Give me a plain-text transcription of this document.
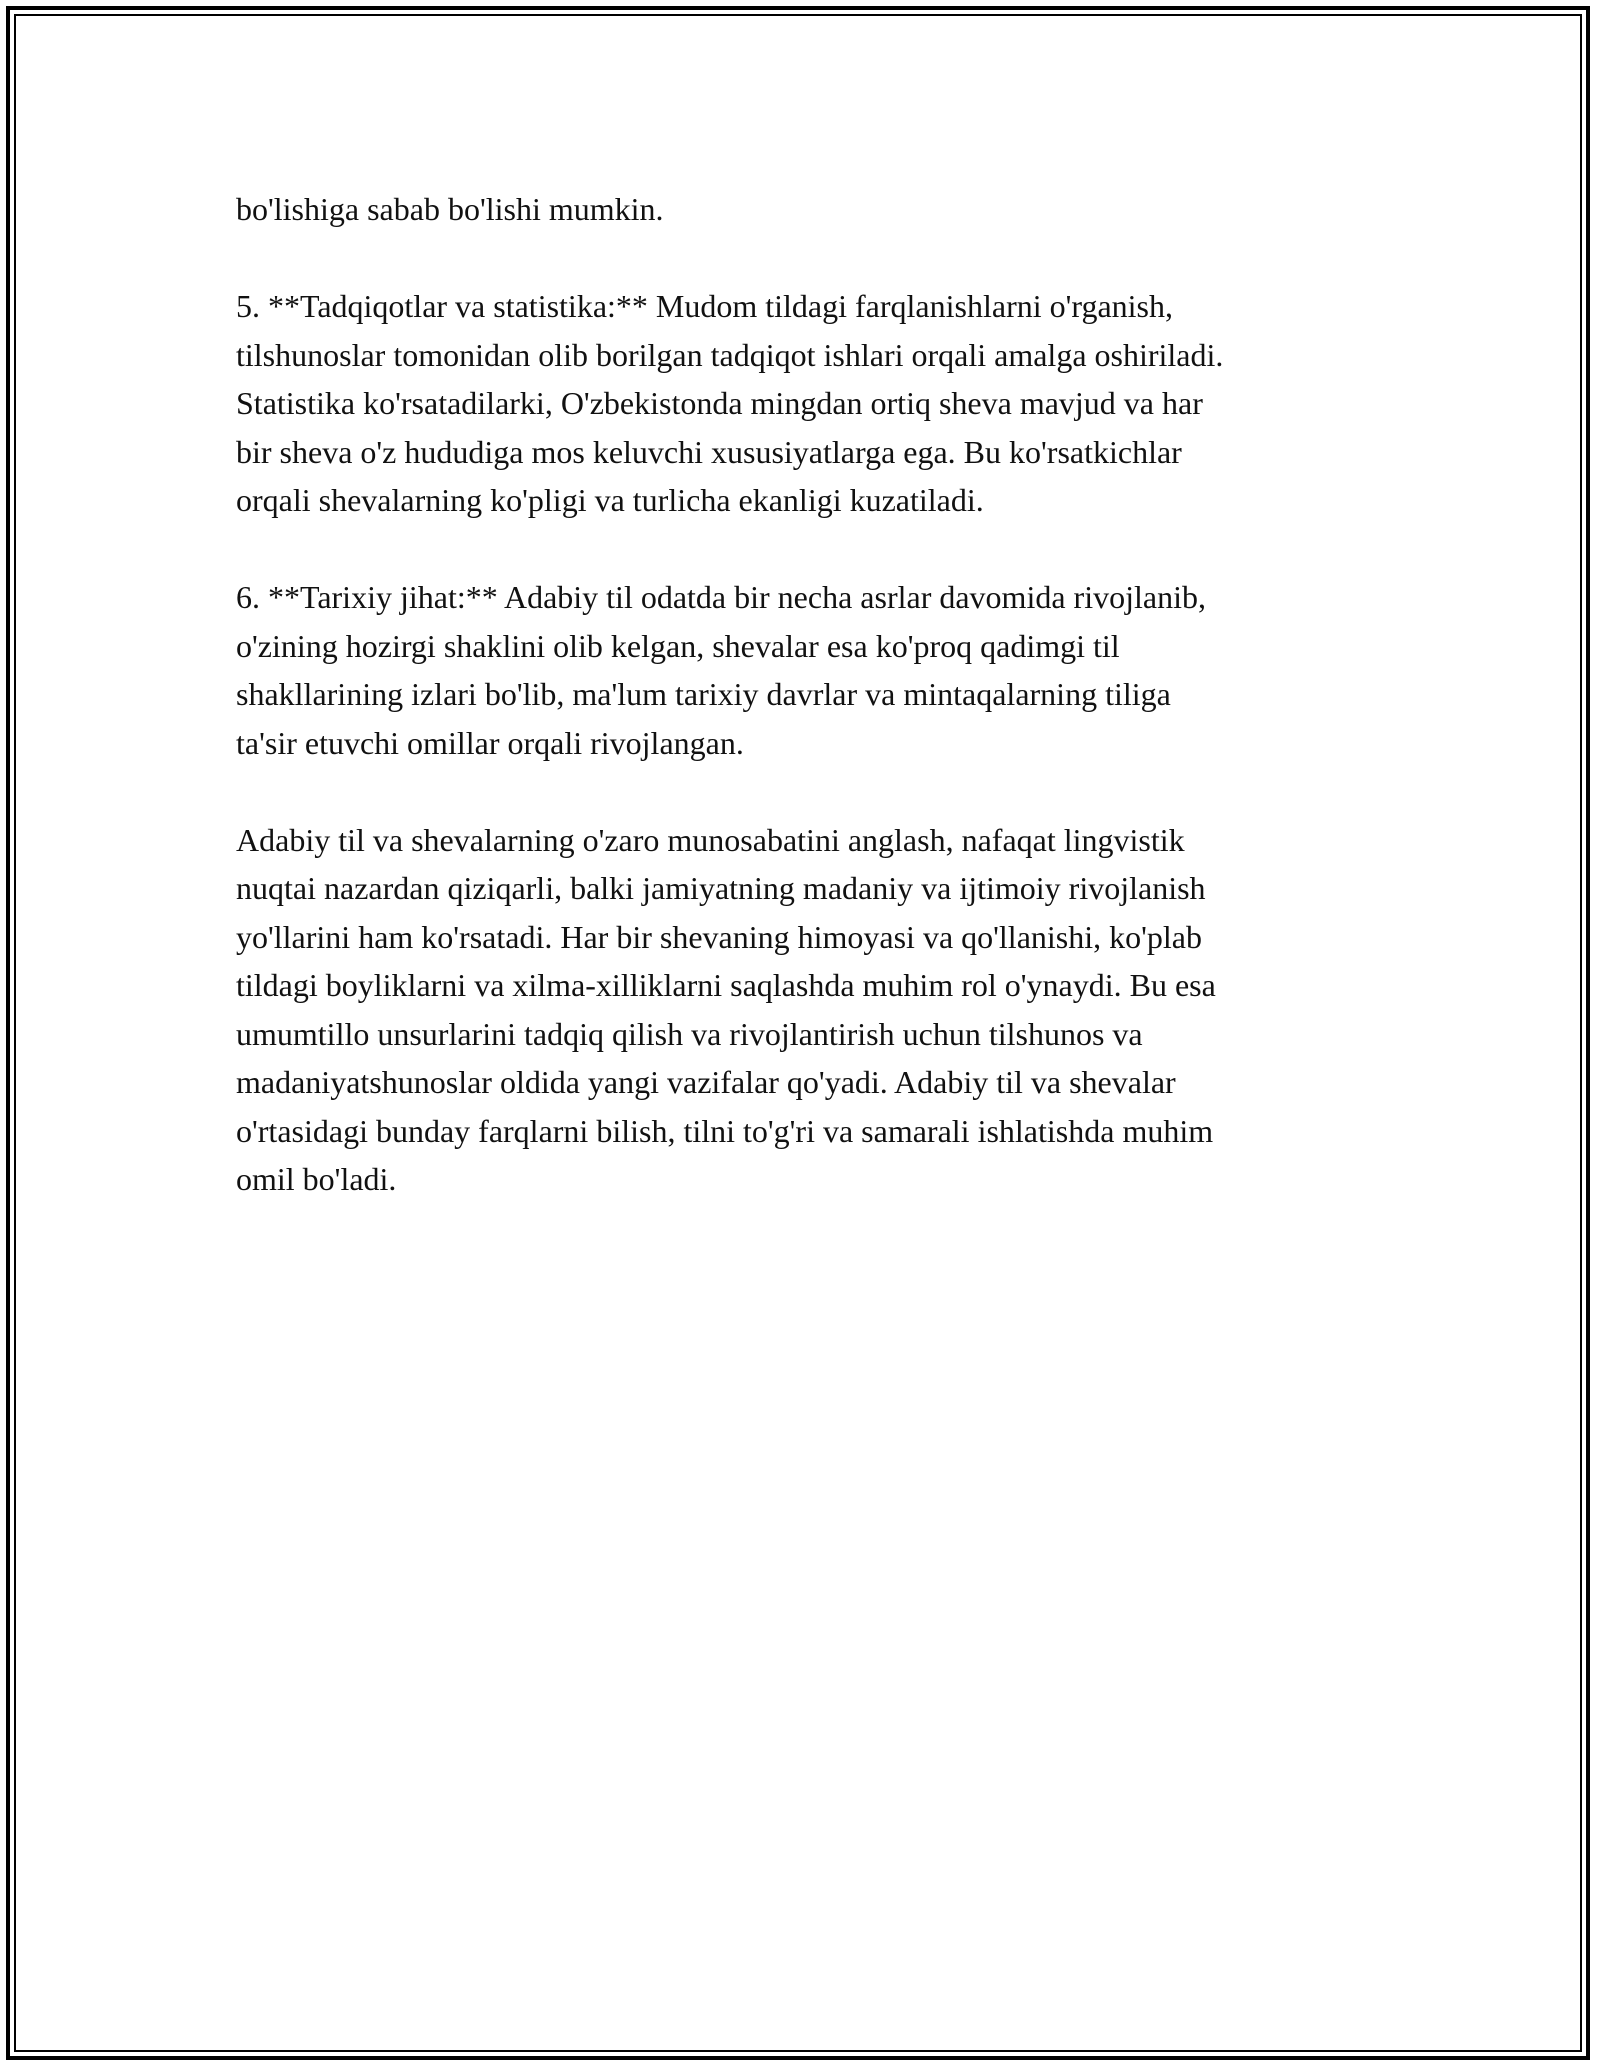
bo'lishiga sabab bo'lishi mumkin.

5. **Tadqiqotlar va statistika:** Mudom tildagi farqlanishlarni o'rganish,
tilshunoslar tomonidan olib borilgan tadqiqot ishlari orqali amalga oshiriladi.
Statistika ko'rsatadilarki, O'zbekistonda mingdan ortiq sheva mavjud va har
bir sheva o'z hududiga mos keluvchi xususiyatlarga ega. Bu ko'rsatkichlar
orqali shevalarning ko'pligi va turlicha ekanligi kuzatiladi.

6. **Tarixiy jihat:** Adabiy til odatda bir necha asrlar davomida rivojlanib,
o'zining hozirgi shaklini olib kelgan, shevalar esa ko'proq qadimgi til
shakllarining izlari bo'lib, ma'lum tarixiy davrlar va mintaqalarning tiliga
ta'sir etuvchi omillar orqali rivojlangan.

Adabiy til va shevalarning o'zaro munosabatini anglash, nafaqat lingvistik
nuqtai nazardan qiziqarli, balki jamiyatning madaniy va ijtimoiy rivojlanish
yo'llarini ham ko'rsatadi. Har bir shevaning himoyasi va qo'llanishi, ko'plab
tildagi boyliklarni va xilma-xilliklarni saqlashda muhim rol o'ynaydi. Bu esa
umumtillo unsurlarini tadqiq qilish va rivojlantirish uchun tilshunos va
madaniyatshunoslar oldida yangi vazifalar qo'yadi. Adabiy til va shevalar
o'rtasidagi bunday farqlarni bilish, tilni to'g'ri va samarali ishlatishda muhim
omil bo'ladi.
